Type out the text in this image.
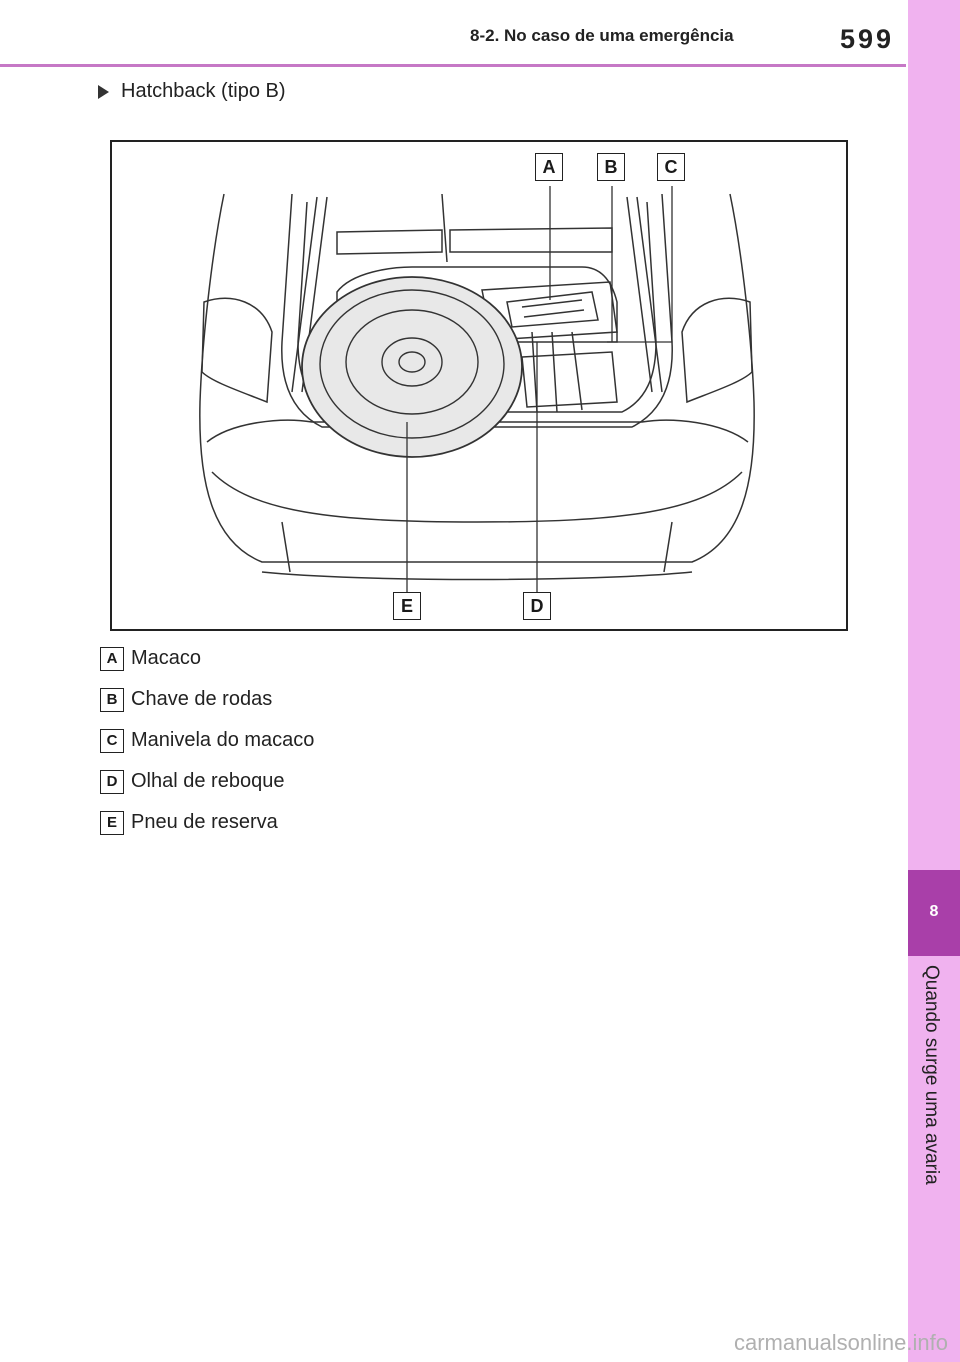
8-2. No caso de uma emergência	599
8
Quando surge uma avaria
Hatchback (tipo B)
A	B	C
D
E
A Macaco
B Chave de rodas
C Manivela do macaco
D Olhal de reboque
E Pneu de reserva
carmanualsonline.info
